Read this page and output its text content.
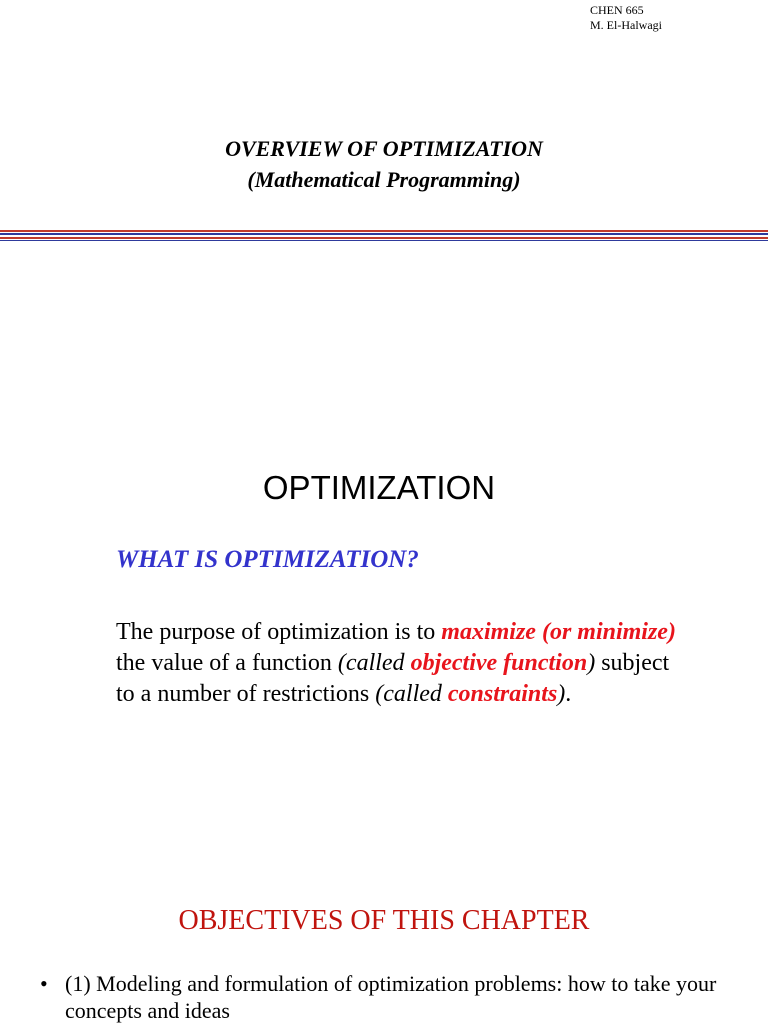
CHEN 665
M. El-Halwagi
OVERVIEW OF OPTIMIZATION
(Mathematical Programming)
OPTIMIZATION
WHAT IS OPTIMIZATION?
The purpose of optimization is to maximize (or minimize) the value of a function (called objective function) subject to a number of restrictions (called constraints).
OBJECTIVES OF THIS CHAPTER
• (1) Modeling and formulation of optimization problems: how to take your concepts and ideas
